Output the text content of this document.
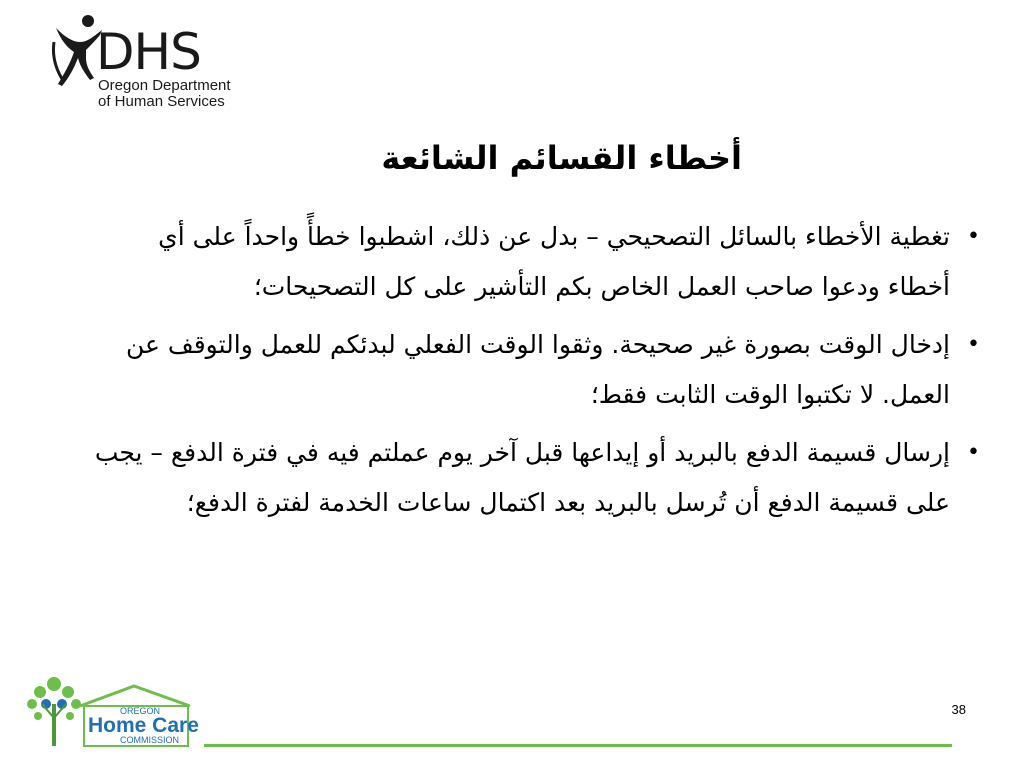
DHS
Oregon Department
of Human Services
أخطاء القسائم الشائعة
•
تغطية الأخطاء بالسائل التصحيحي – بدل عن ذلك، اشطبوا خطأً واحداً على أي أخطاء ودعوا صاحب العمل الخاص بكم التأشير على كل التصحيحات؛
•
إدخال الوقت بصورة غير صحيحة. وثقوا الوقت الفعلي لبدئكم للعمل والتوقف عن العمل. لا تكتبوا الوقت الثابت فقط؛
•
إرسال قسيمة الدفع بالبريد أو إيداعها قبل آخر يوم عملتم فيه في فترة الدفع – يجب على قسيمة الدفع أن تُرسل بالبريد بعد اكتمال ساعات الخدمة لفترة الدفع؛
OREGON
Home Care
COMMISSION
38
